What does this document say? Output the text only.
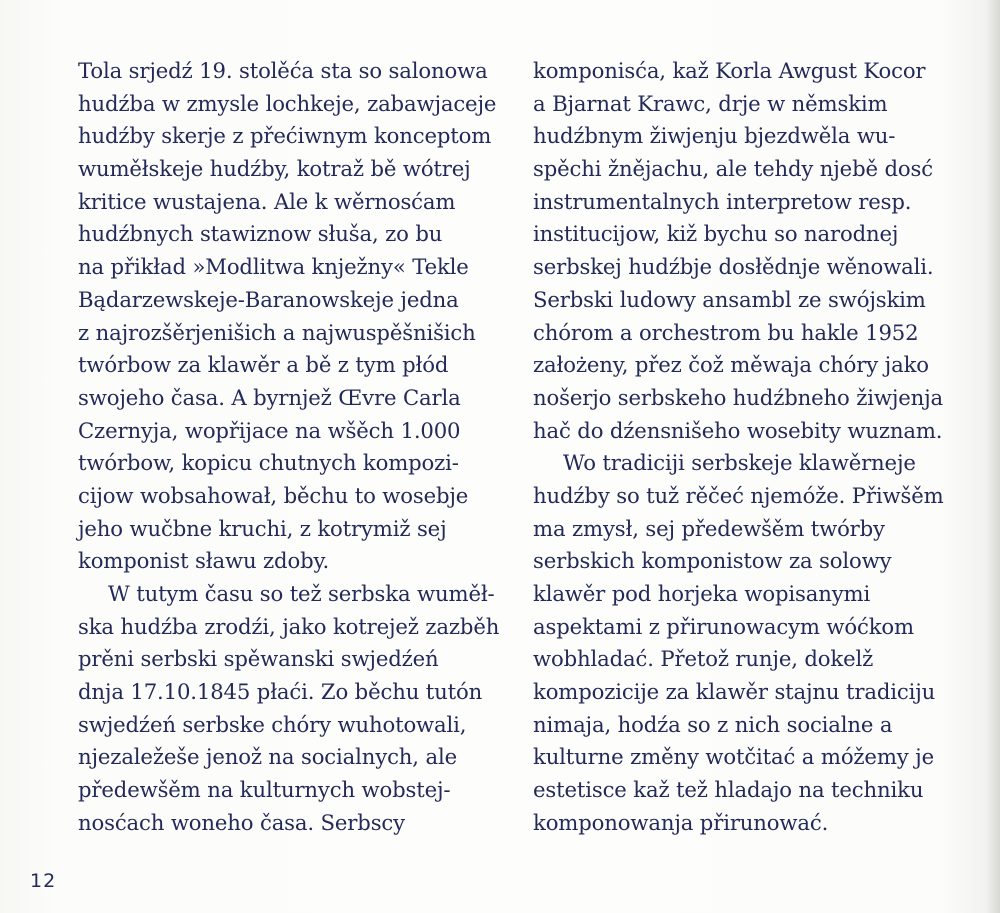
Tola srjedź 19. stolěća sta so salonowa
hudźba w zmysle lochkeje, zabawjaceje
hudźby skerje z přećiwnym konceptom
wuměłskeje hudźby, kotraž bě wótrej
kritice wustajena. Ale k wěrnosćam
hudźbnych stawiznow słuša, zo bu
na přikład »Modlitwa knježny« Tekle
Bądarzewskeje-Baranowskeje jedna
z najrozšěrjenišich a najwuspěšnišich
twórbow za klawěr a bě z tym płód
swojeho časa. A byrnjež Œvre Carla
Czernyja, wopřijace na wšěch 1.000
twórbow, kopicu chutnych kompozi-
cijow wobsahował, běchu to wosebje
jeho wučbne kruchi, z kotrymiž sej
komponist sławu zdoby.
W tutym času so tež serbska wuměł-
ska hudźba zrodźi, jako kotrejež zazběh
prěni serbski spěwanski swjedźeń
dnja 17.10.1845 płaći. Zo běchu tutón
swjedźeń serbske chóry wuhotowali,
njezaležeše jenož na socialnych, ale
předewšěm na kulturnych wobstej-
nosćach woneho časa. Serbscy
komponisća, kaž Korla Awgust Kocor
a Bjarnat Krawc, drje w němskim
hudźbnym žiwjenju bjezdwěla wu-
spěchi žnějachu, ale tehdy njebě dosć
instrumentalnych interpretow resp.
institucijow, kiž bychu so narodnej
serbskej hudźbje dosłědnje wěnowali.
Serbski ludowy ansambl ze swójskim
chórom a orchestrom bu hakle 1952
założeny, přez čož měwaja chóry jako
nošerjo serbskeho hudźbneho žiwjenja
hač do dźensnišeho wosebity wuznam.
Wo tradiciji serbskeje klawěrneje
hudźby so tuž rěčeć njemóže. Přiwšěm
ma zmysł, sej předewšěm twórby
serbskich komponistow za solowy
klawěr pod horjeka wopisanymi
aspektami z přirunowacym wóćkom
wobhladać. Přetož runje, dokelž
kompozicije za klawěr stajnu tradiciju
nimaja, hodźa so z nich socialne a
kulturne změny wotčitać a móžemy je
estetisce kaž tež hladajo na techniku
komponowanja přirunować.
12
